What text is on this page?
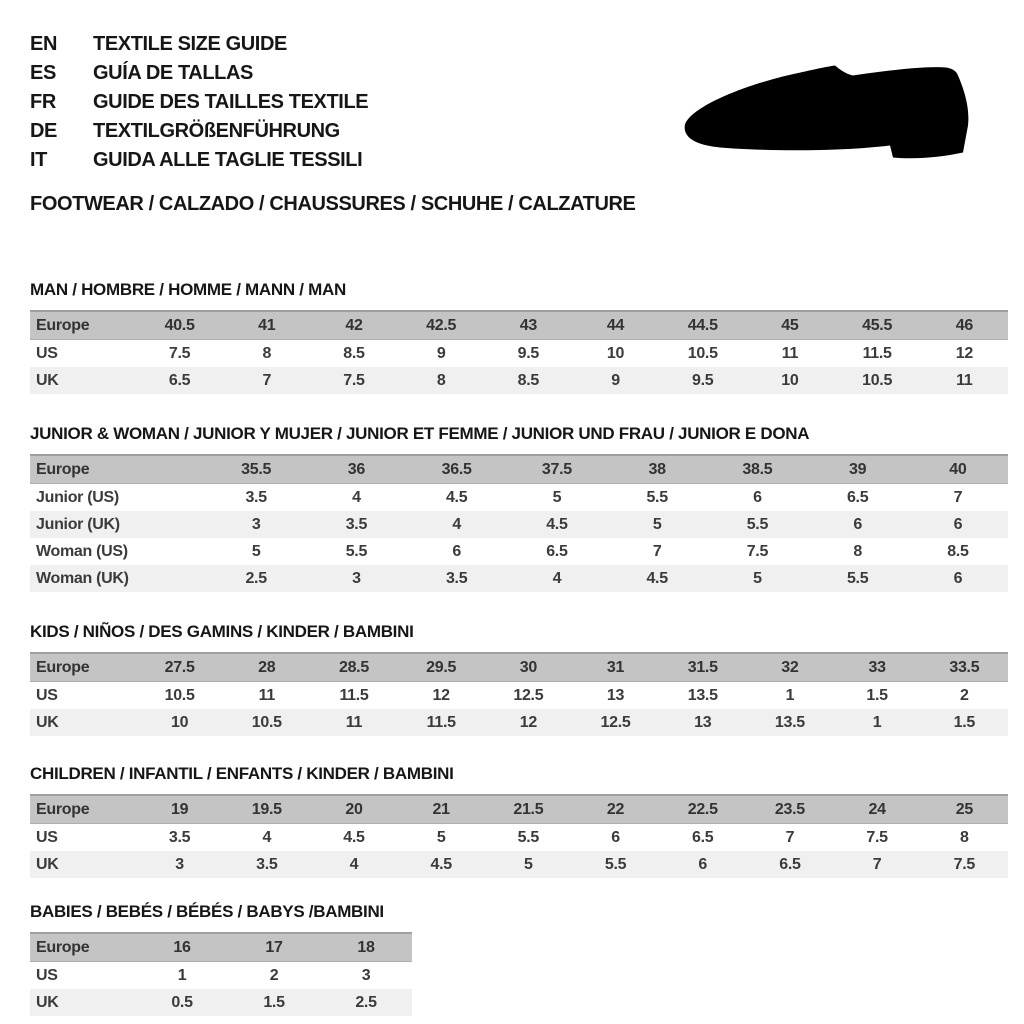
EN TEXTILE SIZE GUIDE
ES GUÍA DE TALLAS
FR GUIDE DES TAILLES TEXTILE
DE TEXTILGRÖßENFÜHRUNG
IT GUIDA ALLE TAGLIE TESSILI
FOOTWEAR / CALZADO / CHAUSSURES / SCHUHE / CALZATURE
MAN / HOMBRE / HOMME / MANN / MAN
Europe	40.5	41	42	42.5	43	44	44.5	45	45.5	46
US	7.5	8	8.5	9	9.5	10	10.5	11	11.5	12
UK	6.5	7	7.5	8	8.5	9	9.5	10	10.5	11
JUNIOR & WOMAN / JUNIOR Y MUJER / JUNIOR ET FEMME / JUNIOR UND FRAU / JUNIOR E DONA
Europe	35.5	36	36.5	37.5	38	38.5	39	40
Junior (US)	3.5	4	4.5	5	5.5	6	6.5	7
Junior (UK)	3	3.5	4	4.5	5	5.5	6	6
Woman (US)	5	5.5	6	6.5	7	7.5	8	8.5
Woman (UK)	2.5	3	3.5	4	4.5	5	5.5	6
KIDS / NIÑOS / DES GAMINS / KINDER / BAMBINI
Europe	27.5	28	28.5	29.5	30	31	31.5	32	33	33.5
US	10.5	11	11.5	12	12.5	13	13.5	1	1.5	2
UK	10	10.5	11	11.5	12	12.5	13	13.5	1	1.5
CHILDREN / INFANTIL / ENFANTS / KINDER / BAMBINI
Europe	19	19.5	20	21	21.5	22	22.5	23.5	24	25
US	3.5	4	4.5	5	5.5	6	6.5	7	7.5	8
UK	3	3.5	4	4.5	5	5.5	6	6.5	7	7.5
BABIES / BEBÉS / BÉBÉS / BABYS /BAMBINI
Europe	16	17	18
US	1	2	3
UK	0.5	1.5	2.5
